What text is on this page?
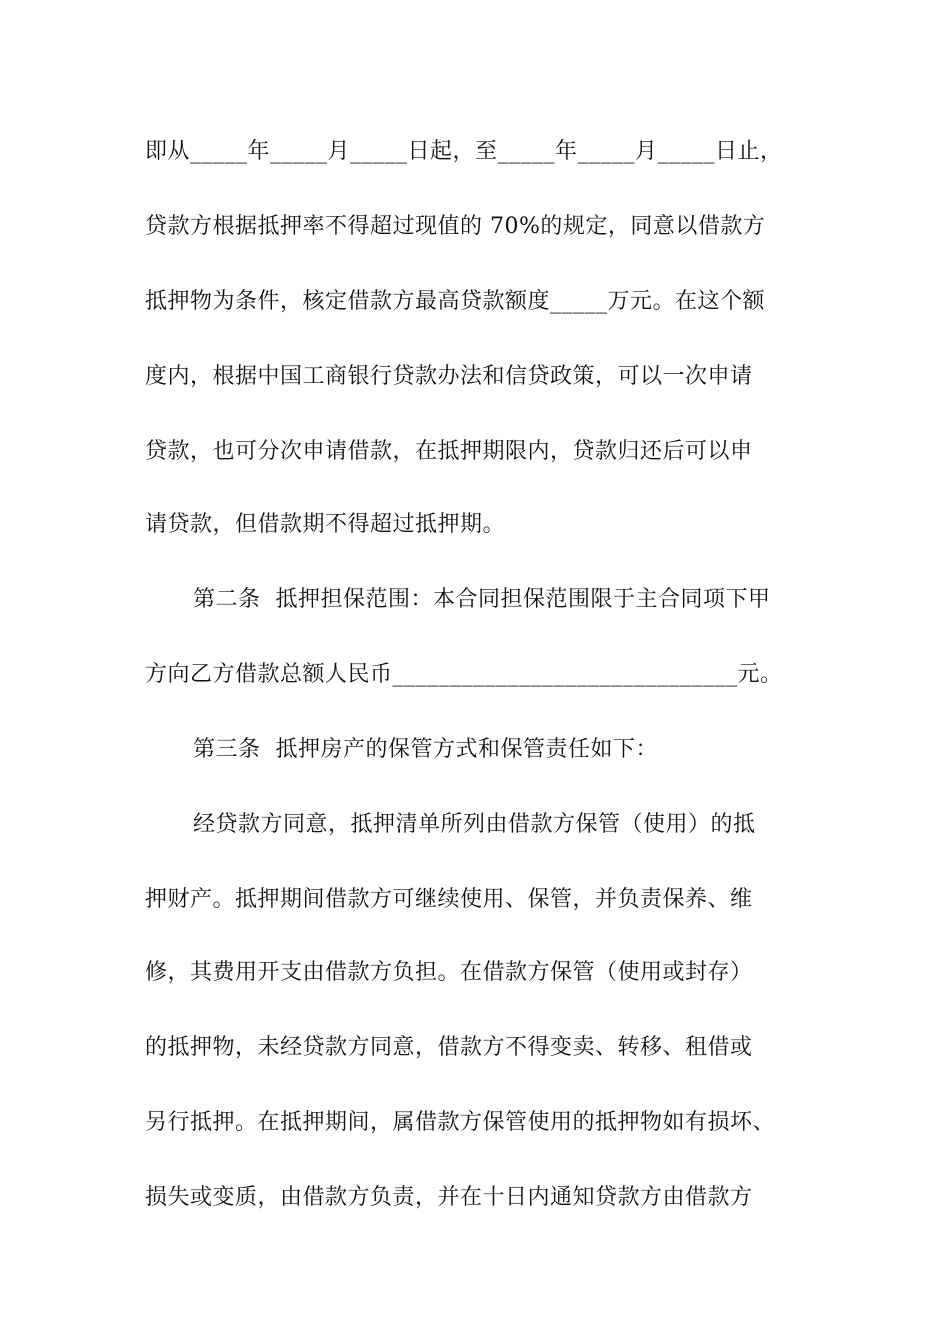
即从_____年_____月_____日起，至_____年_____月_____日止，
贷款方根据抵押率不得超过现值的 70%的规定，同意以借款方
抵押物为条件，核定借款方最高贷款额度_____万元。在这个额
度内，根据中国工商银行贷款办法和信贷政策，可以一次申请
贷款，也可分次申请借款，在抵押期限内，贷款归还后可以申
请贷款，但借款期不得超过抵押期。
第二条  抵押担保范围：本合同担保范围限于主合同项下甲
方向乙方借款总额人民币______________________________元。
第三条  抵押房产的保管方式和保管责任如下：
经贷款方同意，抵押清单所列由借款方保管（使用）的抵
押财产。抵押期间借款方可继续使用、保管，并负责保养、维
修，其费用开支由借款方负担。在借款方保管（使用或封存）
的抵押物，未经贷款方同意，借款方不得变卖、转移、租借或
另行抵押。在抵押期间，属借款方保管使用的抵押物如有损坏、
损失或变质，由借款方负责，并在十日内通知贷款方由借款方
